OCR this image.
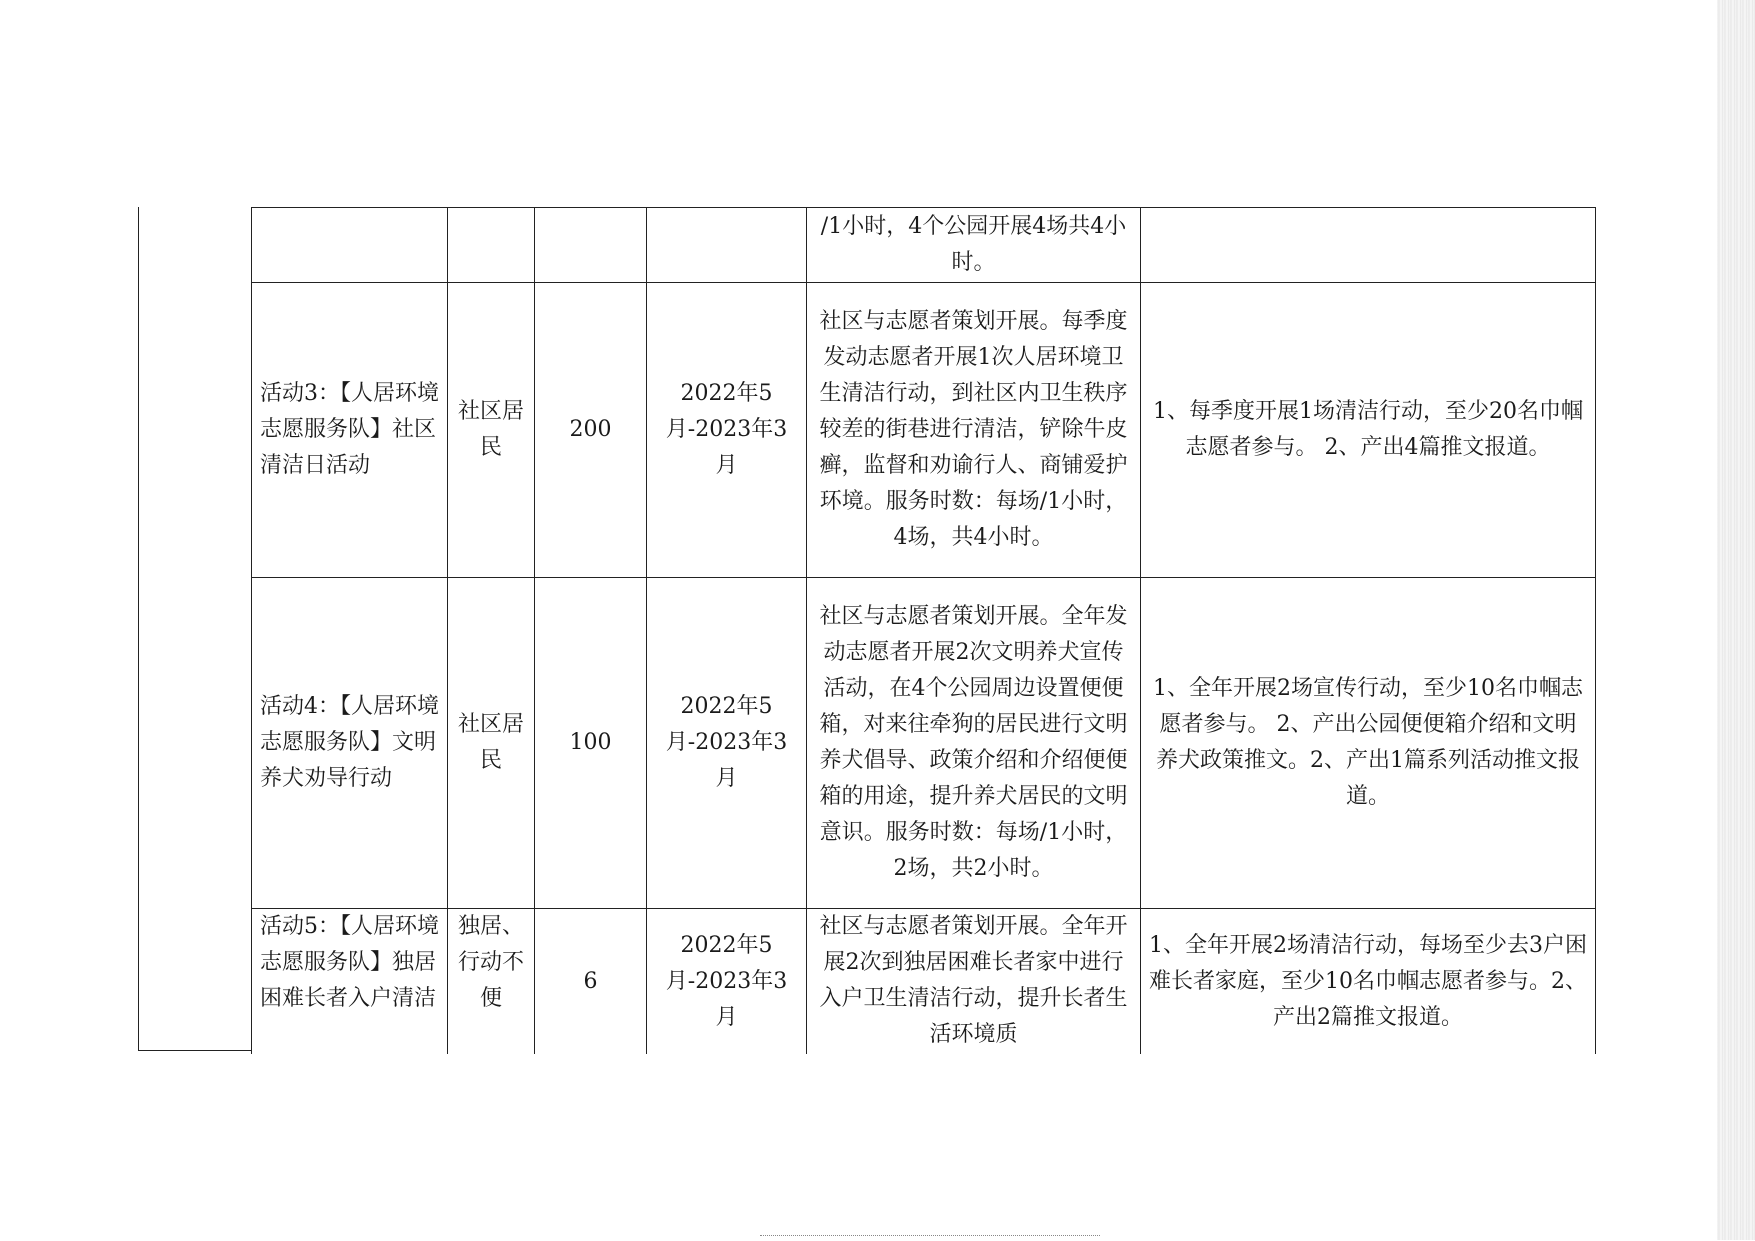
				/1小时，4个公园开展4场共4小时。	
活动3：【人居环境志愿服务队】社区清洁日活动	社区居民	200	2022年5月-2023年3月	社区与志愿者策划开展。每季度发动志愿者开展1次人居环境卫生清洁行动，到社区内卫生秩序较差的街巷进行清洁，铲除牛皮癣，监督和劝谕行人、商铺爱护环境。服务时数：每场/1小时，4场，共4小时。	1、每季度开展1场清洁行动，至少20名巾帼志愿者参与。 2、产出4篇推文报道。
活动4：【人居环境志愿服务队】文明养犬劝导行动	社区居民	100	2022年5月-2023年3月	社区与志愿者策划开展。全年发动志愿者开展2次文明养犬宣传活动，在4个公园周边设置便便箱，对来往牵狗的居民进行文明养犬倡导、政策介绍和介绍便便箱的用途，提升养犬居民的文明意识。服务时数：每场/1小时，2场，共2小时。	1、全年开展2场宣传行动，至少10名巾帼志愿者参与。 2、产出公园便便箱介绍和文明养犬政策推文。2、产出1篇系列活动推文报道。
活动5：【人居环境志愿服务队】独居困难长者入户清洁	独居、行动不便	6	2022年5月-2023年3月	社区与志愿者策划开展。全年开展2次到独居困难长者家中进行入户卫生清洁行动，提升长者生活环境质	1、全年开展2场清洁行动，每场至少去3户困难长者家庭，至少10名巾帼志愿者参与。2、产出2篇推文报道。
